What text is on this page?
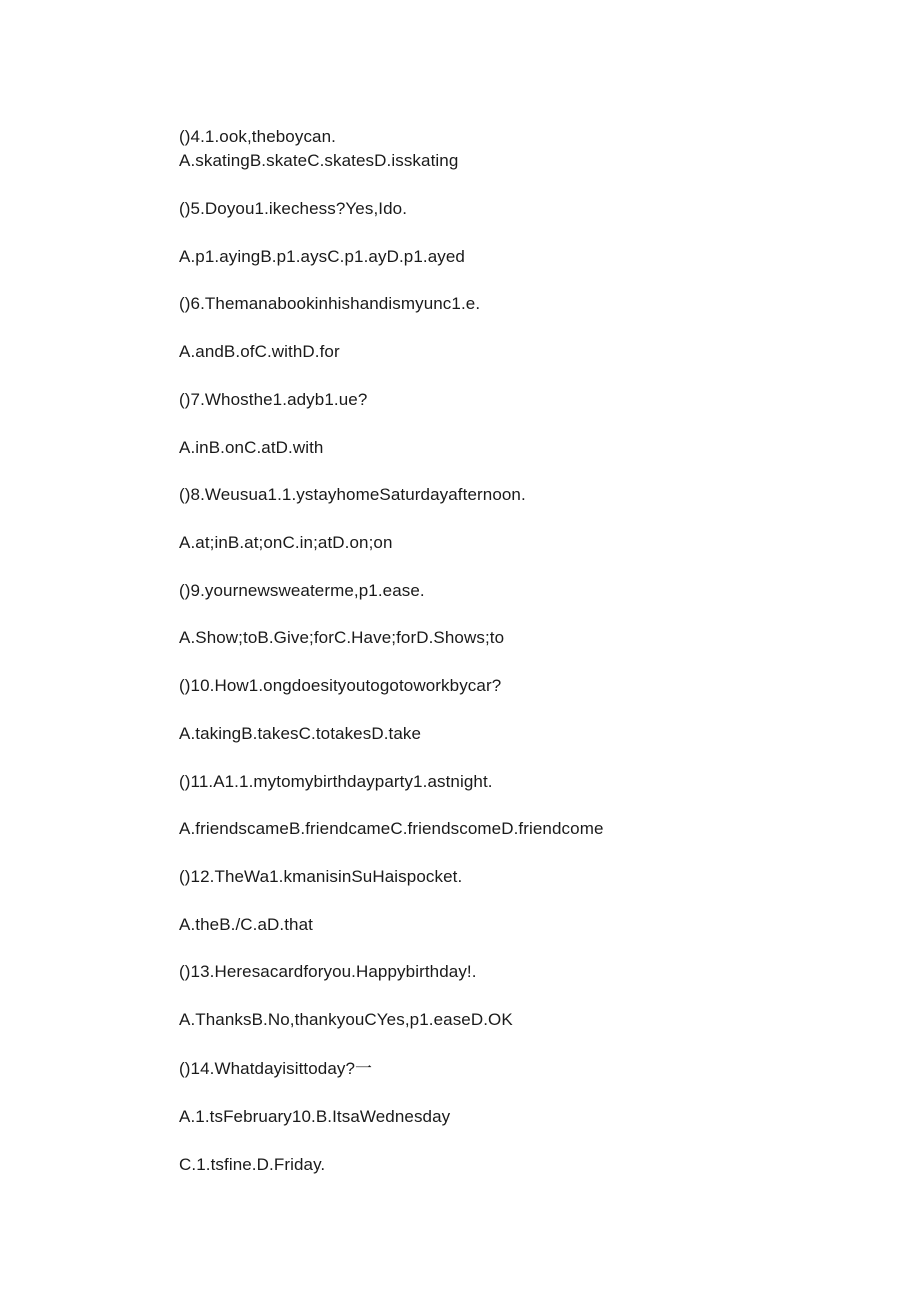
()4.1.ook,theboycan.
A.skatingB.skateC.skatesD.isskating
()5.Doyou1.ikechess?Yes,Ido.
A.p1.ayingB.p1.aysC.p1.ayD.p1.ayed
()6.Themanabookinhishandismyunc1.e.
A.andB.ofC.withD.for
()7.Whosthe1.adyb1.ue?
A.inB.onC.atD.with
()8.Weusua1.1.ystayhomeSaturdayafternoon.
A.at;inB.at;onC.in;atD.on;on
()9.yournewsweaterme,p1.ease.
A.Show;toB.Give;forC.Have;forD.Shows;to
()10.How1.ongdoesityoutogotoworkbycar?
A.takingB.takesC.totakesD.take
()11.A1.1.mytomybirthdayparty1.astnight.
A.friendscameB.friendcameC.friendscomeD.friendcome
()12.TheWa1.kmanisinSuHaispocket.
A.theB./C.aD.that
()13.Heresacardforyou.Happybirthday!.
A.ThanksB.No,thankyouCYes,p1.easeD.OK
()14.Whatdayisittoday?一
A.1.tsFebruary10.B.ItsaWednesday
C.1.tsfine.D.Friday.
